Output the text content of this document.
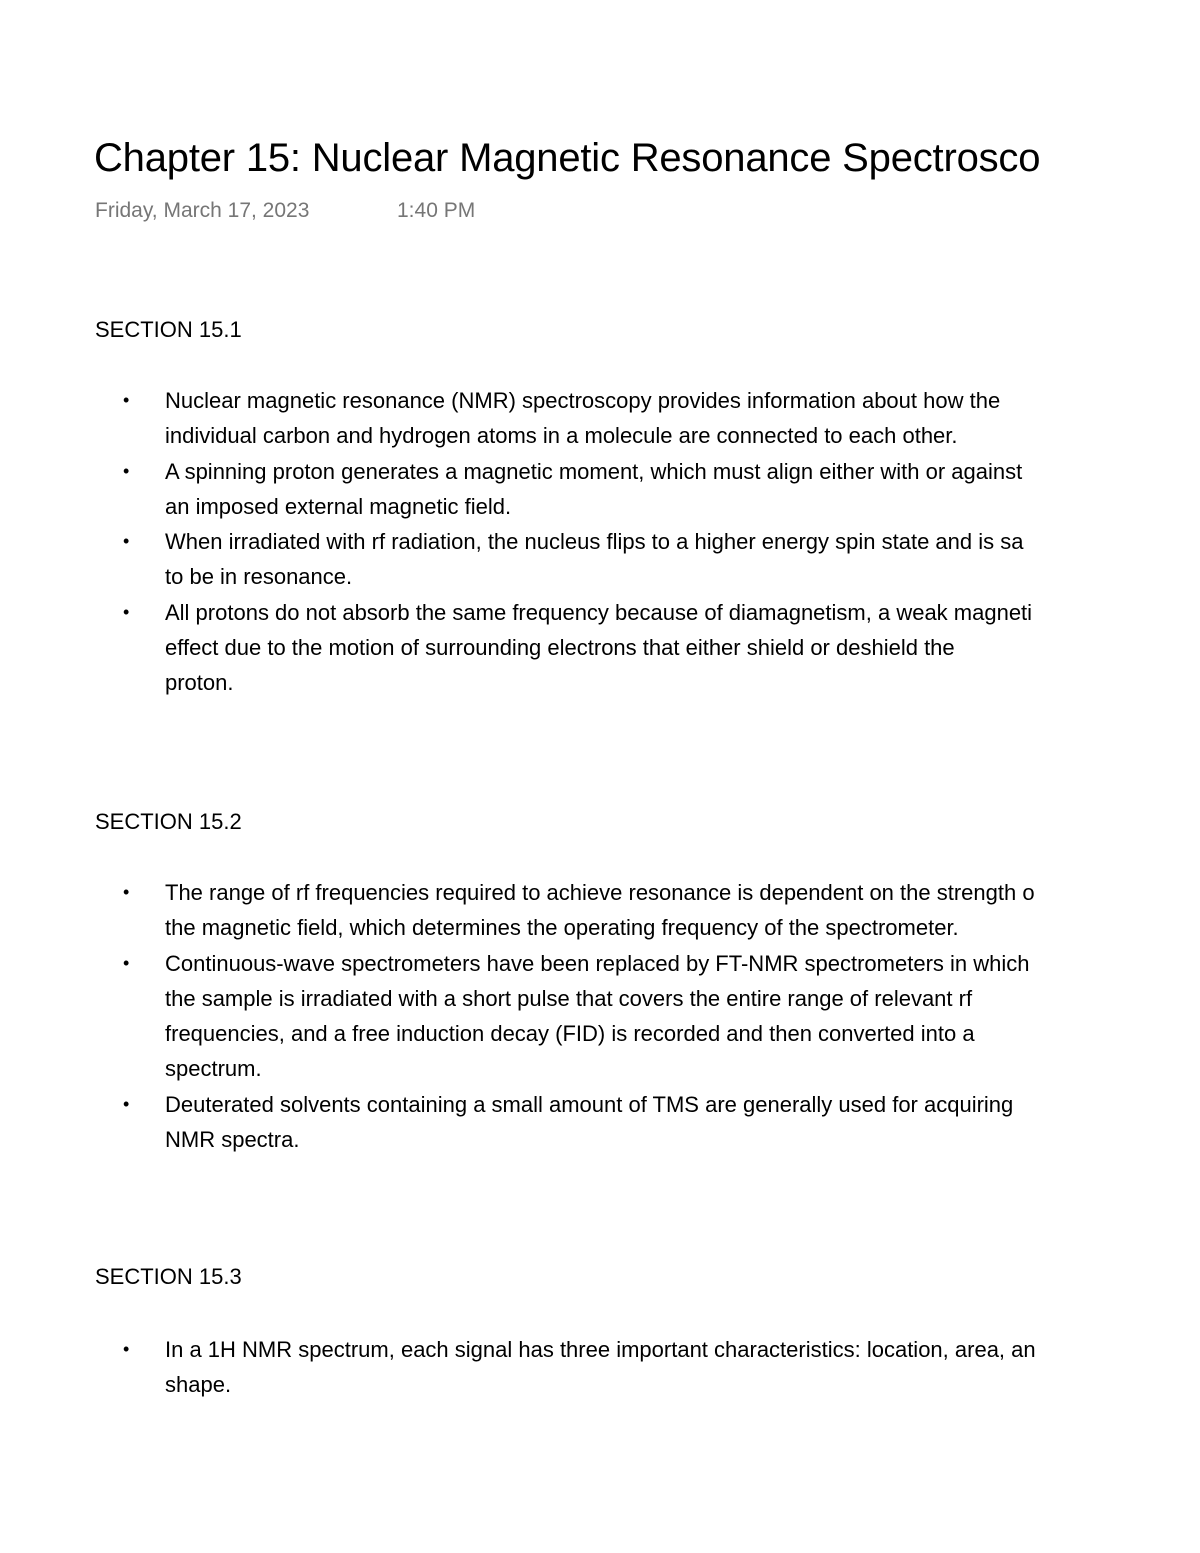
Chapter 15: Nuclear Magnetic Resonance Spectrosco
Friday, March 17, 2023	1:40 PM
SECTION 15.1
• Nuclear magnetic resonance (NMR) spectroscopy provides information about how the
individual carbon and hydrogen atoms in a molecule are connected to each other.
• A spinning proton generates a magnetic moment, which must align either with or against
an imposed external magnetic field.
• When irradiated with rf radiation, the nucleus flips to a higher energy spin state and is sa
to be in resonance.
• All protons do not absorb the same frequency because of diamagnetism, a weak magneti
effect due to the motion of surrounding electrons that either shield or deshield the
proton.
SECTION 15.2
• The range of rf frequencies required to achieve resonance is dependent on the strength o
the magnetic field, which determines the operating frequency of the spectrometer.
• Continuous-wave spectrometers have been replaced by FT-NMR spectrometers in which
the sample is irradiated with a short pulse that covers the entire range of relevant rf
frequencies, and a free induction decay (FID) is recorded and then converted into a
spectrum.
• Deuterated solvents containing a small amount of TMS are generally used for acquiring
NMR spectra.
SECTION 15.3
• In a 1H NMR spectrum, each signal has three important characteristics: location, area, an
shape.
